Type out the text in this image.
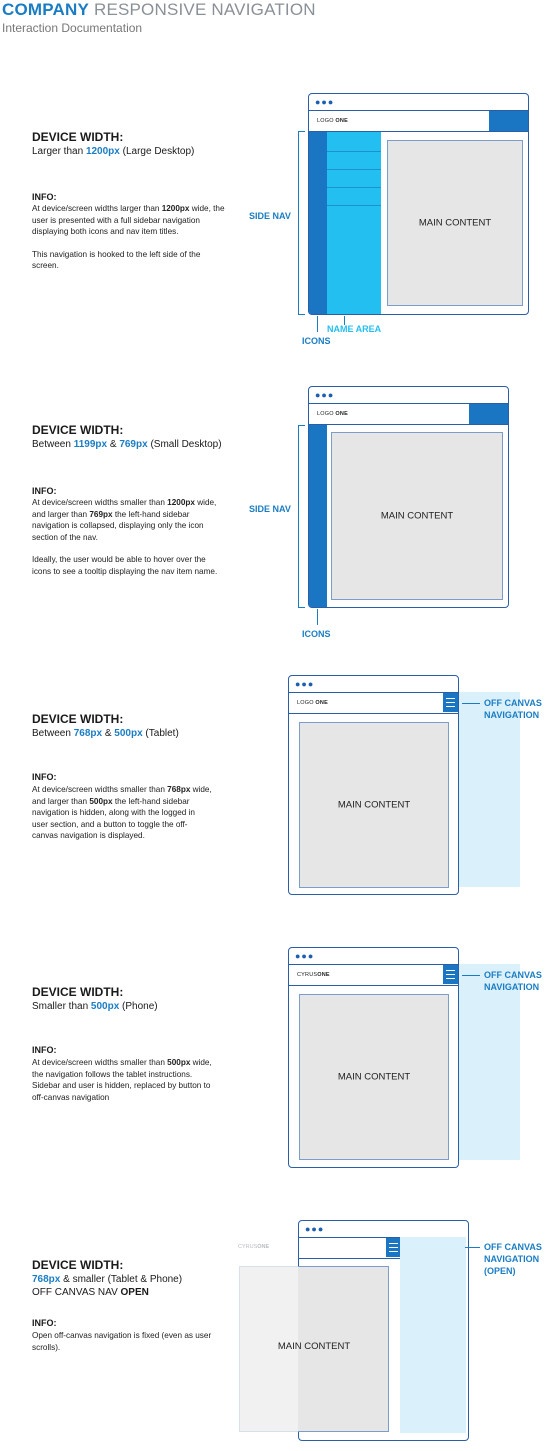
COMPANY RESPONSIVE NAVIGATION
Interaction Documentation
DEVICE WIDTH:
Larger than 1200px (Large Desktop)
INFO:

At device/screen widths larger than 1200px wide, the user is presented with a full sidebar navigation displaying both icons and nav item titles.

This navigation is hooked to the left side of the screen.

SIDE NAV
●●●
LOGO ONE
MAIN CONTENT
ICONS
NAME AREA
DEVICE WIDTH:
Between 1199px & 769px (Small Desktop)
INFO:

At device/screen widths smaller than 1200px wide, and larger than 769px the left-hand sidebar navigation is collapsed, displaying only the icon section of the nav.

Ideally, the user would be able to hover over the icons to see a tooltip displaying the nav item name.

SIDE NAV
●●●
LOGO ONE
MAIN CONTENT
ICONS
DEVICE WIDTH:
Between 768px & 500px (Tablet)
INFO:

At device/screen widths smaller than 768px wide, and larger than 500px the left-hand sidebar navigation is hidden, along with the logged in user section, and a button to toggle the off-canvas navigation is displayed.

●●●
LOGO ONE
MAIN CONTENT
OFF CANVAS
NAVIGATION
DEVICE WIDTH:
Smaller than 500px (Phone)
INFO:

At device/screen widths smaller than 500px wide, the navigation follows the tablet instructions. Sidebar and user is hidden, replaced by button to off-canvas navigation

●●●
CYRUSONE
MAIN CONTENT
OFF CANVAS
NAVIGATION
DEVICE WIDTH:
768px & smaller (Tablet & Phone)
OFF CANVAS NAV OPEN
INFO:

Open off-canvas navigation is fixed (even as user scrolls).

CYRUSONE
●●●
MAIN CONTENT
OFF CANVAS
NAVIGATION
(OPEN)
